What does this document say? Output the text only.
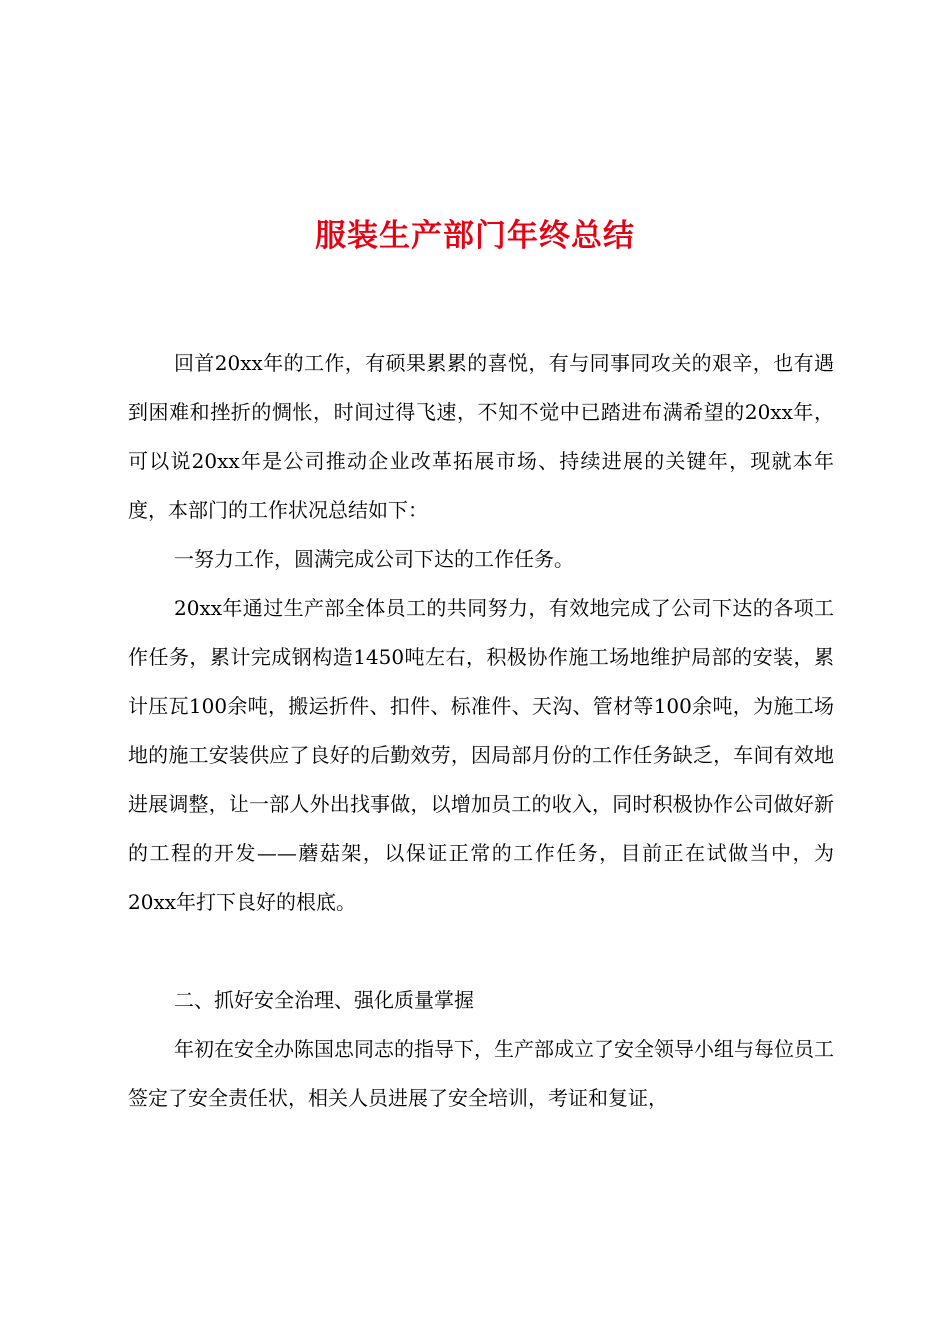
服装生产部门年终总结

回首20xx年的工作，有硕果累累的喜悦，有与同事同攻关的艰辛，也有遇到困难和挫折的惆怅，时间过得飞速，不知不觉中已踏进布满希望的20xx年，可以说20xx年是公司推动企业改革拓展市场、持续进展的关键年，现就本年度，本部门的工作状况总结如下：

一努力工作，圆满完成公司下达的工作任务。

20xx年通过生产部全体员工的共同努力，有效地完成了公司下达的各项工作任务，累计完成钢构造1450吨左右，积极协作施工场地维护局部的安装，累计压瓦100余吨，搬运折件、扣件、标准件、天沟、管材等100余吨，为施工场地的施工安装供应了良好的后勤效劳，因局部月份的工作任务缺乏，车间有效地进展调整，让一部人外出找事做，以增加员工的收入，同时积极协作公司做好新的工程的开发——蘑菇架，以保证正常的工作任务，目前正在试做当中，为20xx年打下良好的根底。

二、抓好安全治理、强化质量掌握

年初在安全办陈国忠同志的指导下，生产部成立了安全领导小组与每位员工签定了安全责任状，相关人员进展了安全培训，考证和复证，
